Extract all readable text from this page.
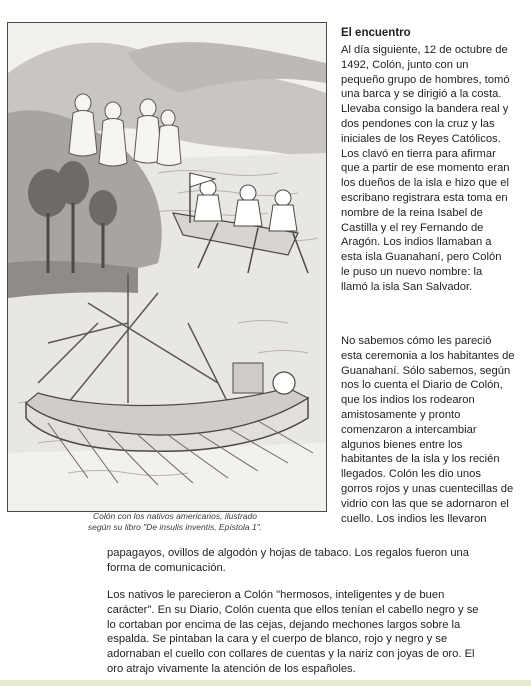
Colón con los nativos americanos, ilustrado
según su libro "De insulis inventis, Epístola 1".
El encuentro

Al día siguiente, 12 de octubre de
1492, Colón, junto con un
pequeño grupo de hombres, tomó
una barca y se dirigió a la costa.
Llevaba consigo la bandera real y
dos pendones con la cruz y las
iniciales de los Reyes Católicos.
Los clavó en tierra para afirmar
que a partir de ese momento eran
los dueños de la isla e hizo que el
escribano registrara esta toma en
nombre de la reina Isabel de
Castilla y el rey Fernando de
Aragón. Los indios llamaban a
esta isla Guanahaní, pero Colón
le puso un nuevo nombre: la
llamó la isla San Salvador.

No sabemos cómo les pareció
esta ceremonia a los habitantes de
Guanahaní. Sólo sabemos, según
nos lo cuenta el Diario de Colón,
que los indios los rodearon
amistosamente y pronto
comenzaron a intercambiar
algunos bienes entre los
habitantes de la isla y los recién
llegados. Colón les dio unos
gorros rojos y unas cuentecillas de
vidrio con las que se adornaron el
cuello. Los indios les llevaron

papagayos, ovillos de algodón y hojas de tabaco. Los regalos fueron una
forma de comunicación.

Los nativos le parecieron a Colón "hermosos, inteligentes y de buen
carácter". En su Diario, Colón cuenta que ellos tenían el cabello negro y se
lo cortaban por encima de las cejas, dejando mechones largos sobre la
espalda. Se pintaban la cara y el cuerpo de blanco, rojo y negro y se
adornaban el cuello con collares de cuentas y la nariz con joyas de oro. El
oro atrajo vivamente la atención de los españoles.
